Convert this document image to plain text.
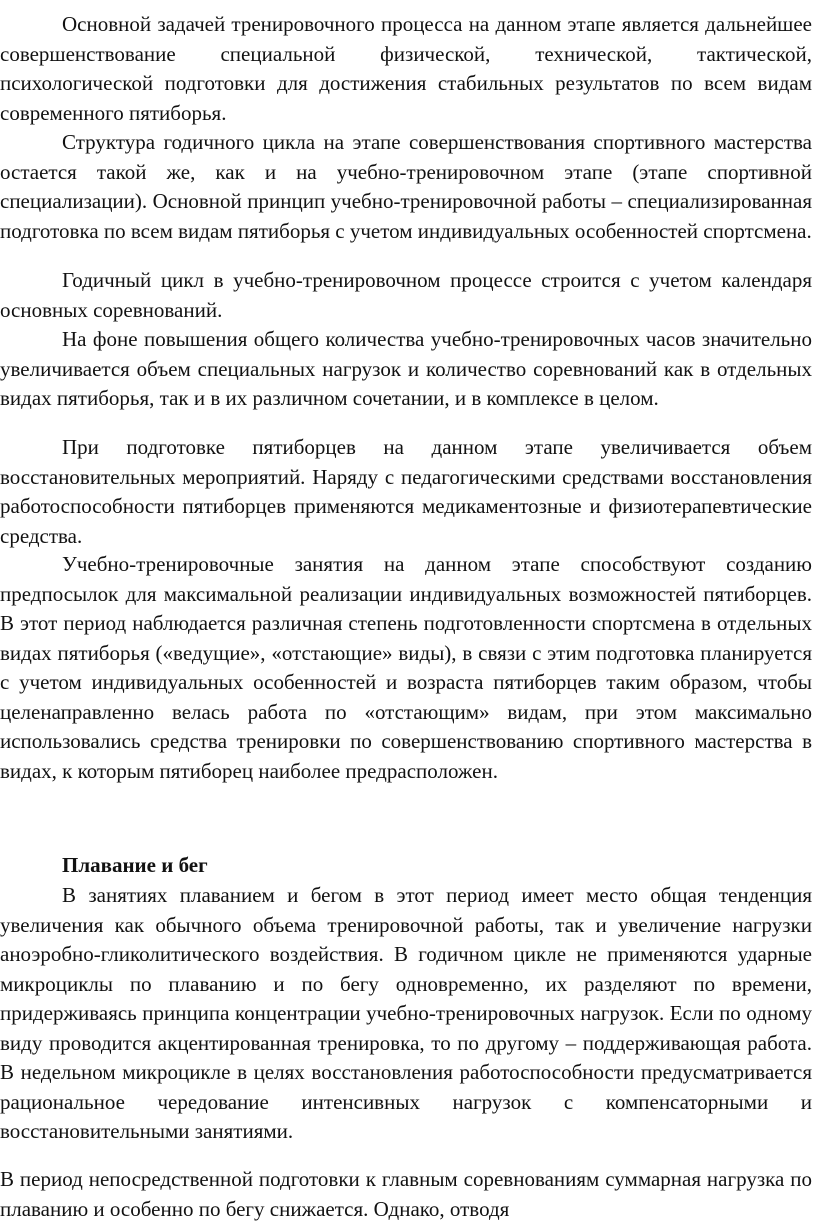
Основной задачей тренировочного процесса на данном этапе является дальнейшее совершенствование специальной физической, технической, тактической, психологической подготовки для достижения стабильных результатов по всем видам современного пятиборья.

Структура годичного цикла на этапе совершенствования спортивного мастерства остается такой же, как и на учебно-тренировочном этапе (этапе спортивной специализации). Основной принцип учебно-тренировочной работы – специализированная подготовка по всем видам пятиборья с учетом индивидуальных особенностей спортсмена.

Годичный цикл в учебно-тренировочном процессе строится с учетом календаря основных соревнований.

На фоне повышения общего количества учебно-тренировочных часов значительно увеличивается объем специальных нагрузок и количество соревнований как в отдельных видах пятиборья, так и в их различном сочетании, и в комплексе в целом.

При подготовке пятиборцев на данном этапе увеличивается объем восстановительных мероприятий. Наряду с педагогическими средствами восстановления работоспособности пятиборцев применяются медикаментозные и физиотерапевтические средства.

Учебно-тренировочные занятия на данном этапе способствуют созданию предпосылок для максимальной реализации индивидуальных возможностей пятиборцев. В этот период наблюдается различная степень подготовленности спортсмена в отдельных видах пятиборья («ведущие», «отстающие» виды), в связи с этим подготовка планируется с учетом индивидуальных особенностей и возраста пятиборцев таким образом, чтобы целенаправленно велась работа по «отстающим» видам, при этом максимально использовались средства тренировки по совершенствованию спортивного мастерства в видах, к которым пятиборец наиболее предрасположен.

Плавание и бег

В занятиях плаванием и бегом в этот период имеет место общая тенденция увеличения как обычного объема тренировочной работы, так и увеличение нагрузки аноэробно-гликолитического воздействия. В годичном цикле не применяются ударные микроциклы по плаванию и по бегу одновременно, их разделяют по времени, придерживаясь принципа концентрации учебно-тренировочных нагрузок. Если по одному виду проводится акцентированная тренировка, то по другому – поддерживающая работа. В недельном микроцикле в целях восстановления работоспособности предусматривается рациональное чередование интенсивных нагрузок с компенсаторными и восстановительными занятиями.

В период непосредственной подготовки к главным соревнованиям суммарная нагрузка по плаванию и особенно по бегу снижается. Однако, отводя
